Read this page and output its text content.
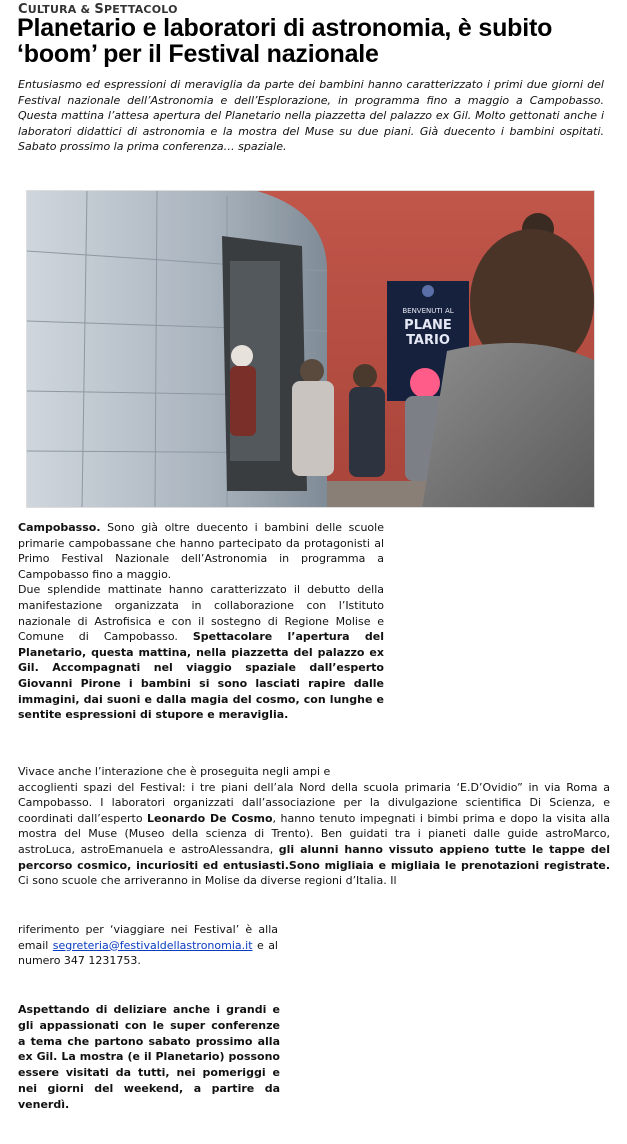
CULTURA & SPETTACOLO
Planetario e laboratori di astronomia, è subito ‘boom’ per il Festival nazionale

Entusiasmo ed espressioni di meraviglia da parte dei bambini hanno caratterizzato i primi due giorni del Festival nazionale dell’Astronomia e dell’Esplorazione, in programma fino a maggio a Campobasso. Questa mattina l’attesa apertura del Planetario nella piazzetta del palazzo ex Gil. Molto gettonati anche i laboratori didattici di astronomia e la mostra del Muse su due piani. Già duecento i bambini ospitati. Sabato prossimo la prima conferenza… spaziale.

BENVENUTI AL
PLANE
TARIO

Campobasso. Sono già oltre duecento i bambini delle scuole primarie campobassane che hanno partecipato da protagonisti al Primo Festival Nazionale dell’Astronomia in programma a Campobasso fino a maggio.
Due splendide mattinate hanno caratterizzato il debutto della manifestazione organizzata in collaborazione con l’Istituto nazionale di Astrofisica e con il sostegno di Regione Molise e Comune di Campobasso. Spettacolare l’apertura del Planetario, questa mattina, nella piazzetta del palazzo ex Gil. Accompagnati nel viaggio spaziale dall’esperto Giovanni Pirone i bambini si sono lasciati rapire dalle immagini, dai suoni e dalla magia del cosmo, con lunghe e sentite espressioni di stupore e meraviglia.

Vivace anche l’interazione che è proseguita negli ampi e
accoglienti spazi del Festival: i tre piani dell’ala Nord della scuola primaria ‘E.D’Ovidio” in via Roma a Campobasso. I laboratori organizzati dall’associazione per la divulgazione scientifica Di Scienza, e coordinati dall’esperto Leonardo De Cosmo, hanno tenuto impegnati i bimbi prima e dopo la visita alla mostra del Muse (Museo della scienza di Trento). Ben guidati tra i pianeti dalle guide astroMarco, astroLuca, astroEmanuela e astroAlessandra, gli alunni hanno vissuto appieno tutte le tappe del percorso cosmico, incuriositi ed entusiasti.Sono migliaia e migliaia le prenotazioni registrate. Ci sono scuole che arriveranno in Molise da diverse regioni d’Italia. Il

riferimento per ‘viaggiare nei Festival’ è alla email segreteria@festivaldellastronomia.it e al numero 347 1231753.

Aspettando di deliziare anche i grandi e gli appassionati con le super conferenze a tema che partono sabato prossimo alla ex Gil. La mostra (e il Planetario) possono essere visitati da tutti, nei pomeriggi e nei giorni del weekend, a partire da venerdì.
